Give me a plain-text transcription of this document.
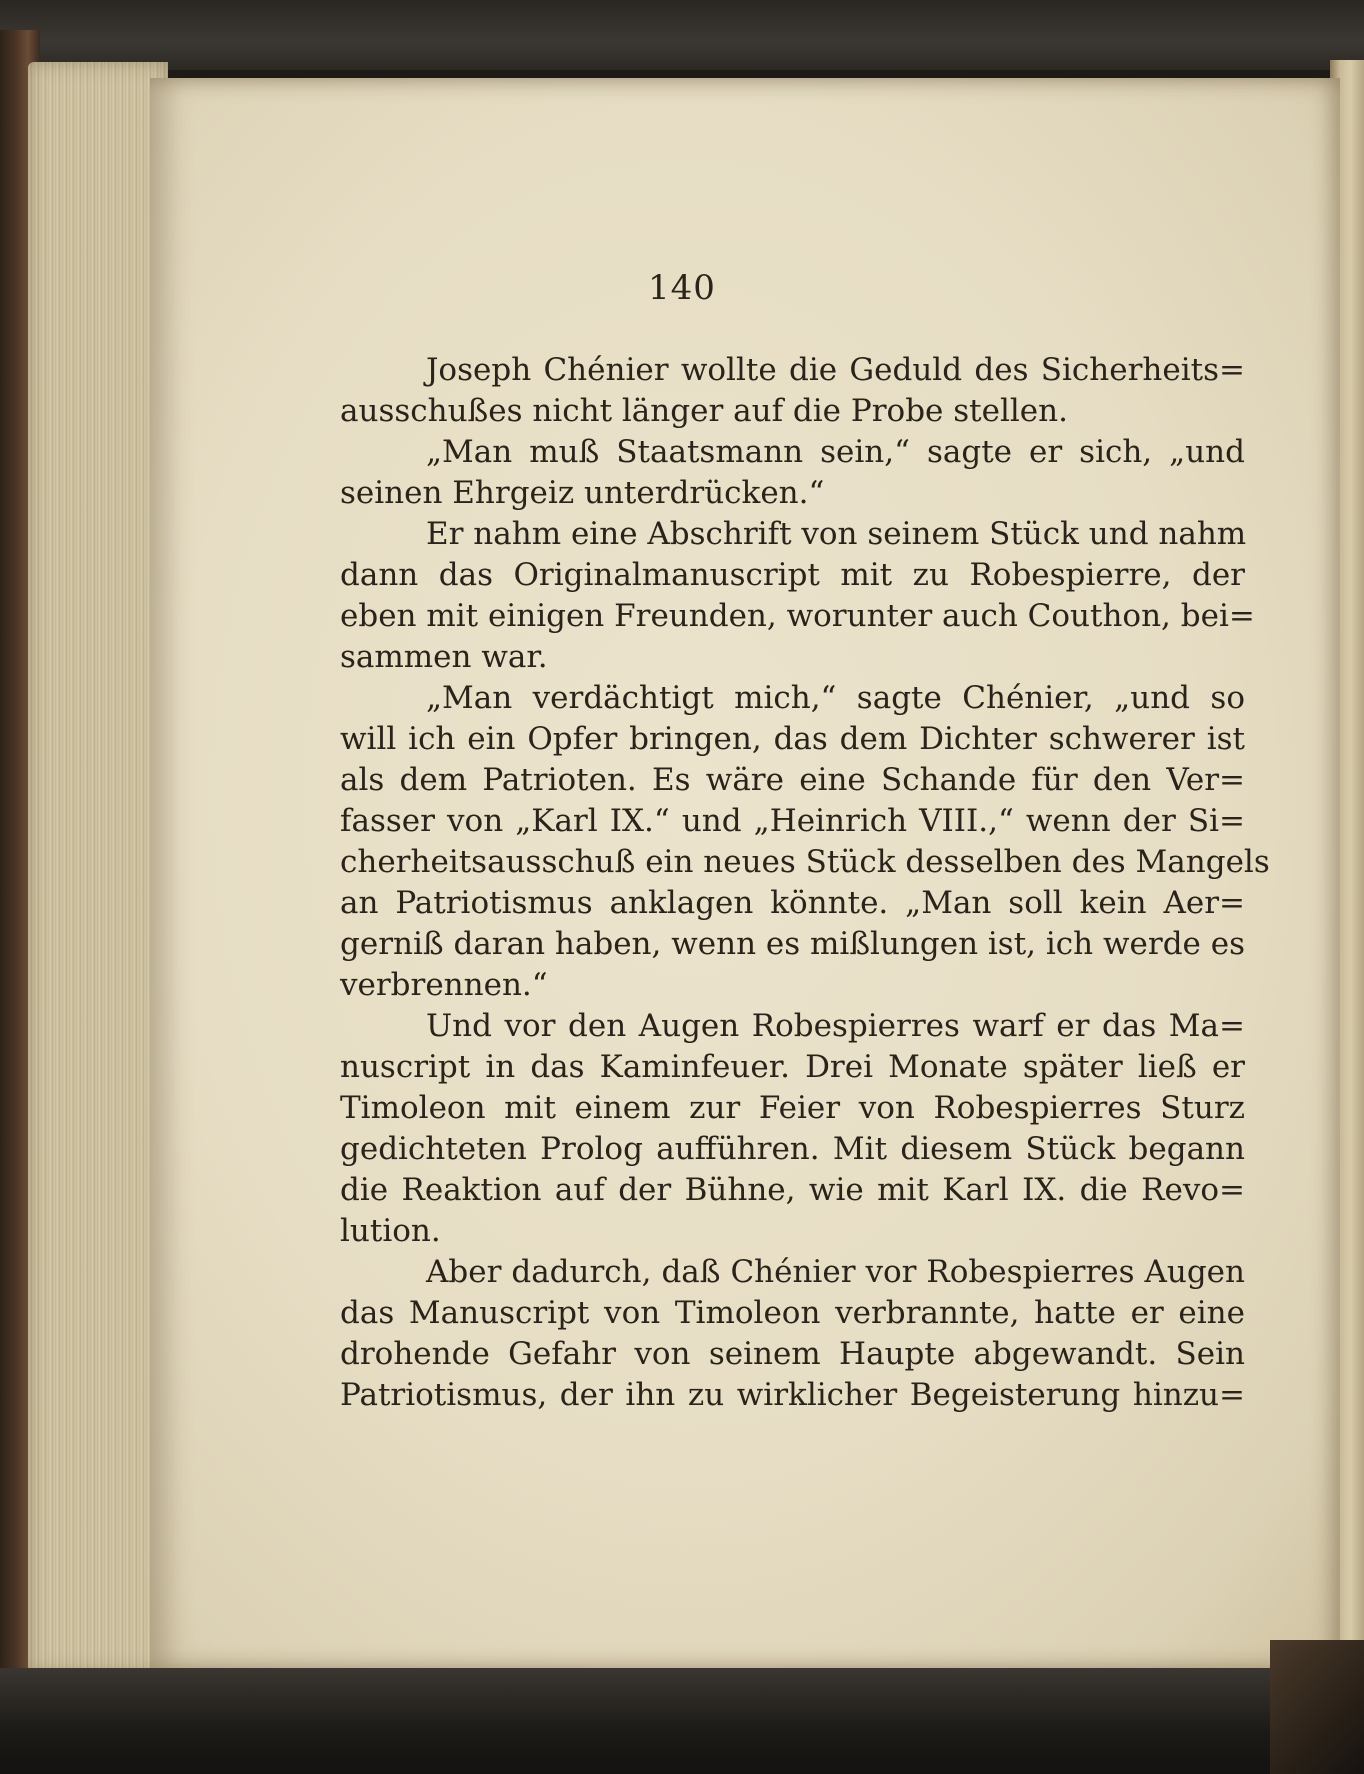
140
Joseph Chénier wollte die Geduld des Sicherheits=
ausschußes nicht länger auf die Probe stellen.
„Man muß Staatsmann sein,“ sagte er sich, „und
seinen Ehrgeiz unterdrücken.“
Er nahm eine Abschrift von seinem Stück und nahm
dann das Originalmanuscript mit zu Robespierre, der
eben mit einigen Freunden, worunter auch Couthon, bei=
sammen war.
„Man verdächtigt mich,“ sagte Chénier, „und so
will ich ein Opfer bringen, das dem Dichter schwerer ist
als dem Patrioten. Es wäre eine Schande für den Ver=
fasser von „Karl IX.“ und „Heinrich VIII.,“ wenn der Si=
cherheitsausschuß ein neues Stück desselben des Mangels
an Patriotismus anklagen könnte. „Man soll kein Aer=
gerniß daran haben, wenn es mißlungen ist, ich werde es
verbrennen.“
Und vor den Augen Robespierres warf er das Ma=
nuscript in das Kaminfeuer. Drei Monate später ließ er
Timoleon mit einem zur Feier von Robespierres Sturz
gedichteten Prolog aufführen. Mit diesem Stück begann
die Reaktion auf der Bühne, wie mit Karl IX. die Revo=
lution.
Aber dadurch, daß Chénier vor Robespierres Augen
das Manuscript von Timoleon verbrannte, hatte er eine
drohende Gefahr von seinem Haupte abgewandt. Sein
Patriotismus, der ihn zu wirklicher Begeisterung hinzu=
